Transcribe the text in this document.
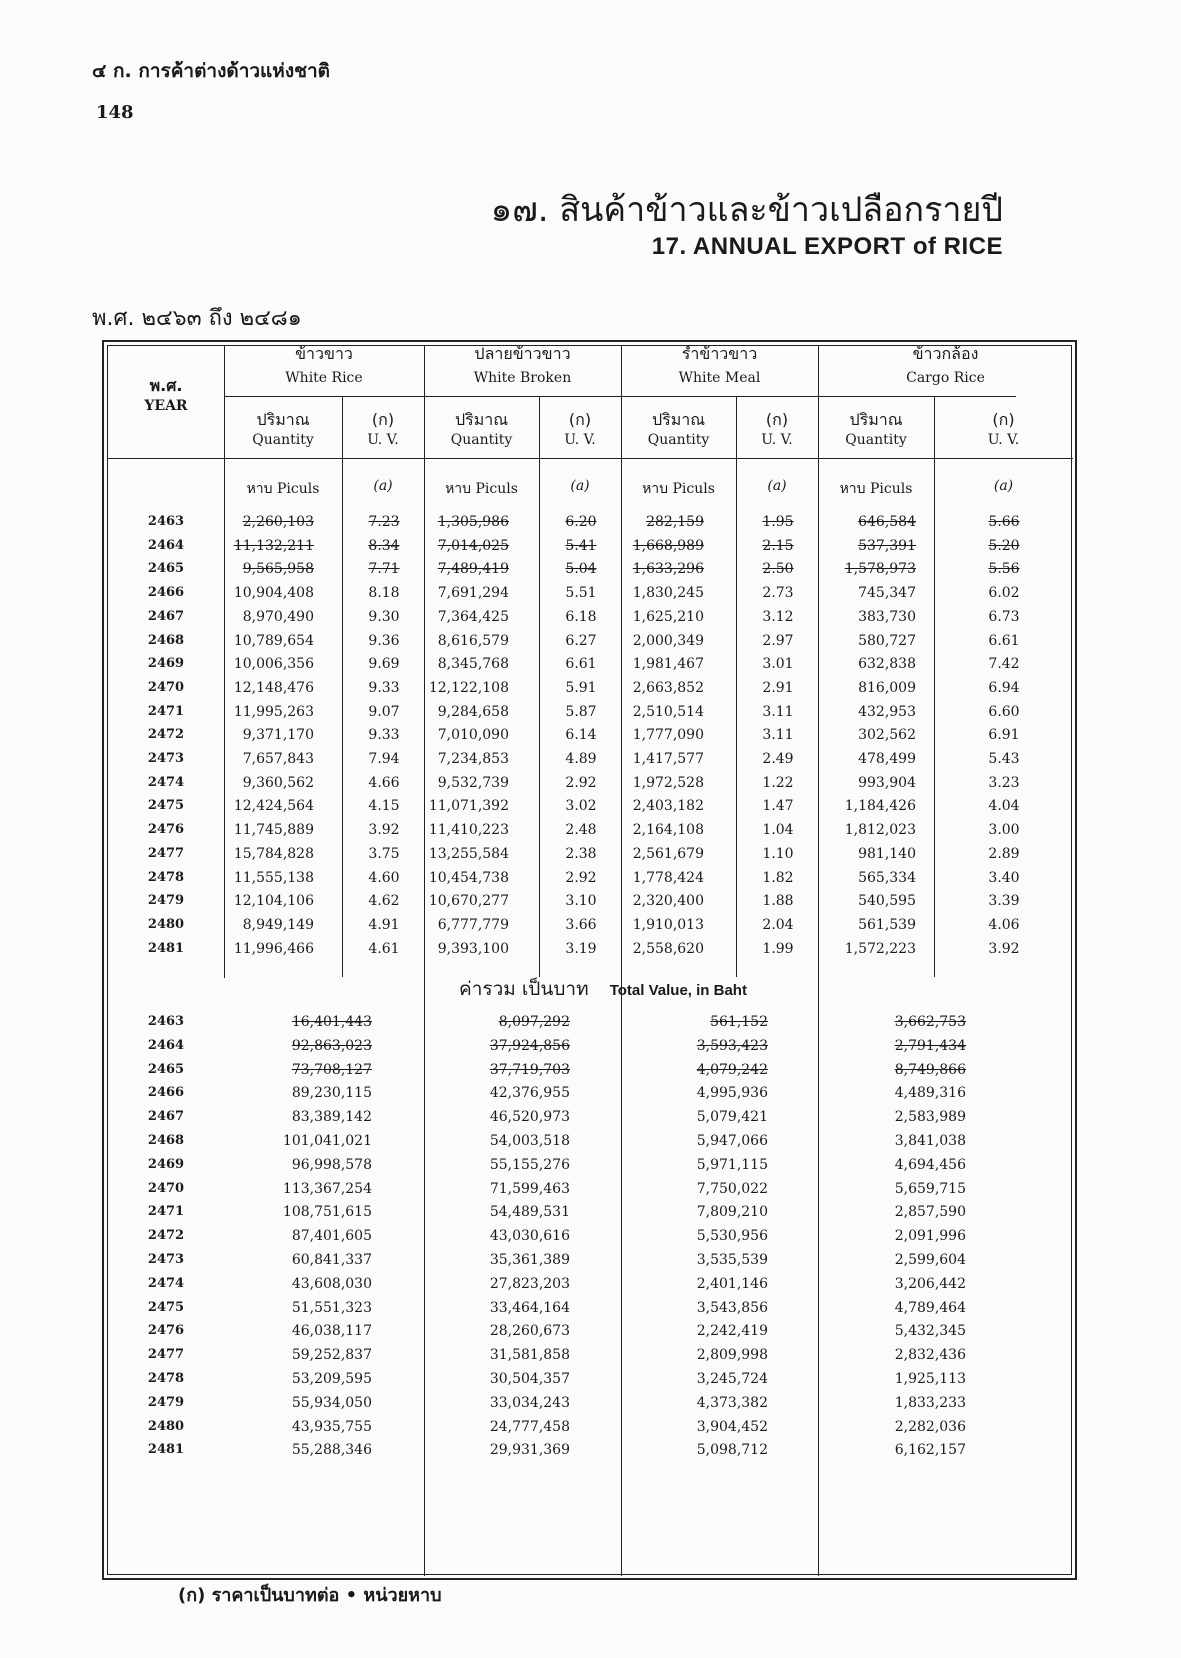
๔ ก. การค้าต่างด้าวแห่งชาติ
148
๑๗. สินค้าข้าวและข้าวเปลือกรายปี
17. ANNUAL EXPORT of RICE
พ.ศ. ๒๔๖๓ ถึง ๒๔๘๑
พ.ศ.
YEAR
ข้าวขาว
White Rice
ปลายข้าวขาว
White Broken
รำข้าวขาว
White Meal
ข้าวกล้อง
Cargo Rice
ปริมาณ
Quantity
(ก)
U. V.
ปริมาณ
Quantity
(ก)
U. V.
ปริมาณ
Quantity
(ก)
U. V.
ปริมาณ
Quantity
(ก)
U. V.
หาบ Piculs	(a)	หาบ Piculs	(a)	หาบ Piculs	(a)	หาบ Piculs	(a)
2463	2,260,103	7.23	1,305,986	6.20	282,159	1.95	646,584	5.66
2464	11,132,211	8.34	7,014,025	5.41	1,668,989	2.15	537,391	5.20
2465	9,565,958	7.71	7,489,419	5.04	1,633,296	2.50	1,578,973	5.56
2466	10,904,408	8.18	7,691,294	5.51	1,830,245	2.73	745,347	6.02
2467	8,970,490	9.30	7,364,425	6.18	1,625,210	3.12	383,730	6.73
2468	10,789,654	9.36	8,616,579	6.27	2,000,349	2.97	580,727	6.61
2469	10,006,356	9.69	8,345,768	6.61	1,981,467	3.01	632,838	7.42
2470	12,148,476	9.33	12,122,108	5.91	2,663,852	2.91	816,009	6.94
2471	11,995,263	9.07	9,284,658	5.87	2,510,514	3.11	432,953	6.60
2472	9,371,170	9.33	7,010,090	6.14	1,777,090	3.11	302,562	6.91
2473	7,657,843	7.94	7,234,853	4.89	1,417,577	2.49	478,499	5.43
2474	9,360,562	4.66	9,532,739	2.92	1,972,528	1.22	993,904	3.23
2475	12,424,564	4.15	11,071,392	3.02	2,403,182	1.47	1,184,426	4.04
2476	11,745,889	3.92	11,410,223	2.48	2,164,108	1.04	1,812,023	3.00
2477	15,784,828	3.75	13,255,584	2.38	2,561,679	1.10	981,140	2.89
2478	11,555,138	4.60	10,454,738	2.92	1,778,424	1.82	565,334	3.40
2479	12,104,106	4.62	10,670,277	3.10	2,320,400	1.88	540,595	3.39
2480	8,949,149	4.91	6,777,779	3.66	1,910,013	2.04	561,539	4.06
2481	11,996,466	4.61	9,393,100	3.19	2,558,620	1.99	1,572,223	3.92
ค่ารวม เป็นบาท Total Value, in Baht
2463	16,401,443	8,097,292	561,152	3,662,753
2464	92,863,023	37,924,856	3,593,423	2,791,434
2465	73,708,127	37,719,703	4,079,242	8,749,866
2466	89,230,115	42,376,955	4,995,936	4,489,316
2467	83,389,142	46,520,973	5,079,421	2,583,989
2468	101,041,021	54,003,518	5,947,066	3,841,038
2469	96,998,578	55,155,276	5,971,115	4,694,456
2470	113,367,254	71,599,463	7,750,022	5,659,715
2471	108,751,615	54,489,531	7,809,210	2,857,590
2472	87,401,605	43,030,616	5,530,956	2,091,996
2473	60,841,337	35,361,389	3,535,539	2,599,604
2474	43,608,030	27,823,203	2,401,146	3,206,442
2475	51,551,323	33,464,164	3,543,856	4,789,464
2476	46,038,117	28,260,673	2,242,419	5,432,345
2477	59,252,837	31,581,858	2,809,998	2,832,436
2478	53,209,595	30,504,357	3,245,724	1,925,113
2479	55,934,050	33,034,243	4,373,382	1,833,233
2480	43,935,755	24,777,458	3,904,452	2,282,036
2481	55,288,346	29,931,369	5,098,712	6,162,157
(ก) ราคาเป็นบาทต่อ • หน่วยหาบ
